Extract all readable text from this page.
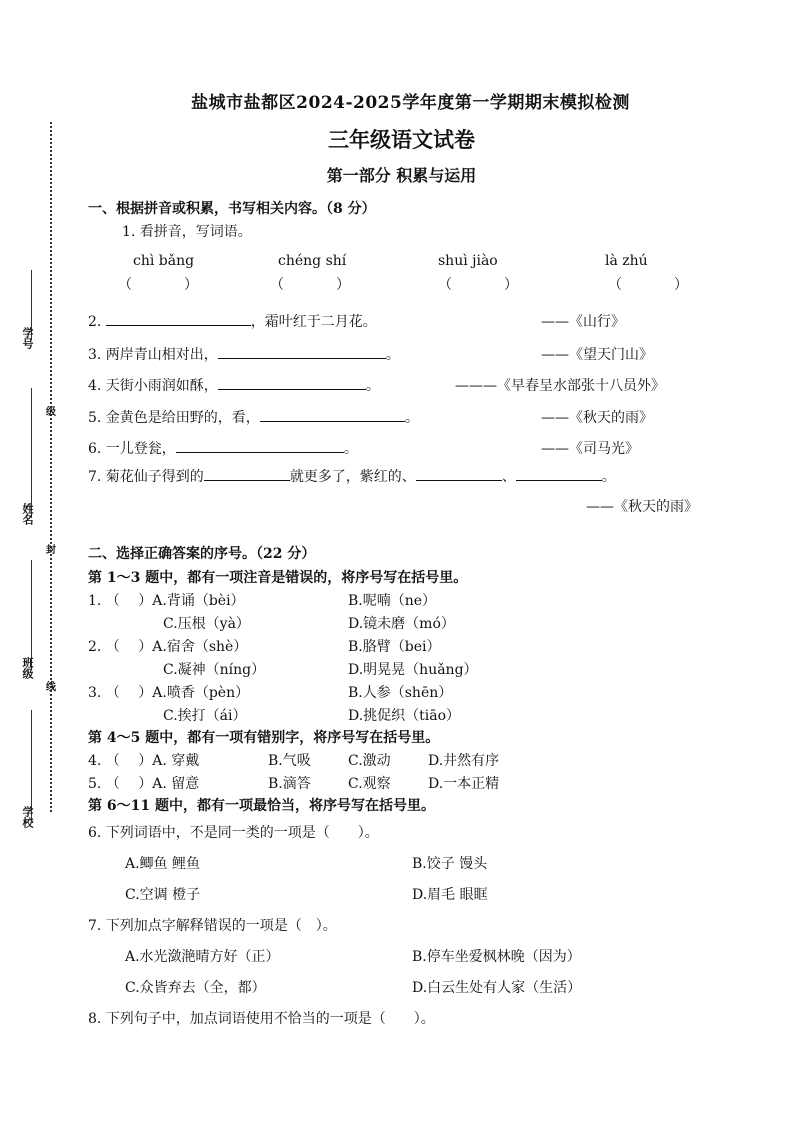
学号
级
姓名
封
班级
线
学校
盐城市盐都区2024-2025学年度第一学期期末模拟检测
三年级语文试卷
第一部分 积累与运用
一、根据拼音或积累，书写相关内容。（8 分）
1. 看拼音，写词语。
chì bǎng	chéng shí	shuì jiào	là zhú
（	）	（	）	（	）	（	）
2.	，霜叶红于二月花。	——《山行》
3. 两岸青山相对出，	。	——《望天门山》
4. 天街小雨润如酥，	。	———《早春呈水部张十八员外》
5. 金黄色是给田野的，看，	。	——《秋天的雨》
6. 一儿登瓮，	。	——《司马光》
7. 菊花仙子得到的	就更多了，紫红的、	、	。
——《秋天的雨》
二、选择正确答案的序号。（22 分）
第 1～3 题中，都有一项注音是错误的，将序号写在括号里。
1. （　 ）A.背诵（bèi）	B.呢喃（ne）
C.压根（yà）	D.镜未磨（mó）
2. （　 ）A.宿舍（shè）	B.胳臂（bei）
C.凝神（níng）	D.明晃晃（huǎng）
3. （　 ）A.喷香（pèn）	B.人参（shēn）
C.挨打（ái）	D.挑促织（tiāo）
第 4～5 题中，都有一项有错别字，将序号写在括号里。
4. （　 ）A. 穿戴	B.气吸	C.激动	D.井然有序
5. （　 ）A. 留意	B.滴答	C.观察	D.一本正精
第 6～11 题中，都有一项最恰当，将序号写在括号里。
6. 下列词语中，不是同一类的一项是（　　）。
A.鲫鱼 鲤鱼	B.饺子 馒头
C.空调 橙子	D.眉毛 眼眶
7. 下列加点字解释错误的一项是（　）。
A.水光潋滟晴方好（正）	B.停车坐爱枫林晚（因为）
C.众皆弃去（全，都）	D.白云生处有人家（生活）
8. 下列句子中，加点词语使用不恰当的一项是（　　）。
